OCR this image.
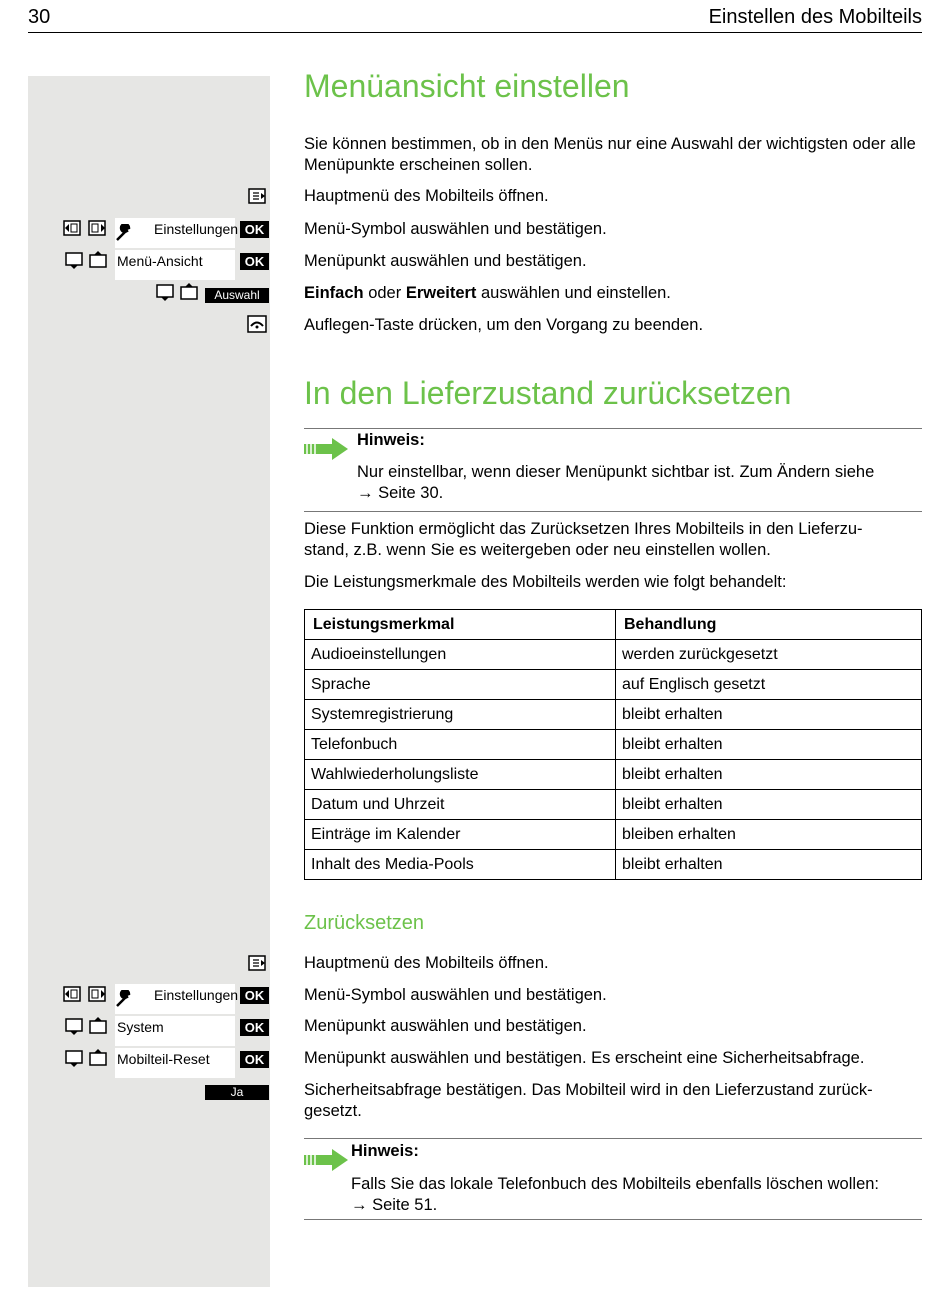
30	Einstellen des Mobilteils
Menüansicht einstellen
Sie können bestimmen, ob in den Menüs nur eine Auswahl der wichtigsten oder alle Menüpunkte erscheinen sollen.
Hauptmenü des Mobilteils öffnen.
Einstellungen OK Menü-Symbol auswählen und bestätigen.
Menü-Ansicht	OK Menüpunkt auswählen und bestätigen.
Auswahl	Einfach oder Erweitert auswählen und einstellen.
Auflegen-Taste drücken, um den Vorgang zu beenden.
In den Lieferzustand zurücksetzen
Hinweis:
Nur einstellbar, wenn dieser Menüpunkt sichtbar ist. Zum Ändern siehe
→ Seite 30.
Diese Funktion ermöglicht das Zurücksetzen Ihres Mobilteils in den Lieferzu-
stand, z.B. wenn Sie es weitergeben oder neu einstellen wollen.
Die Leistungsmerkmale des Mobilteils werden wie folgt behandelt:
Leistungsmerkmal	Behandlung
Audioeinstellungen	werden zurückgesetzt
Sprache	auf Englisch gesetzt
Systemregistrierung	bleibt erhalten
Telefonbuch	bleibt erhalten
Wahlwiederholungsliste	bleibt erhalten
Datum und Uhrzeit	bleibt erhalten
Einträge im Kalender	bleiben erhalten
Inhalt des Media-Pools	bleibt erhalten
Zurücksetzen
Hauptmenü des Mobilteils öffnen.
Einstellungen OK Menü-Symbol auswählen und bestätigen.
System	OK Menüpunkt auswählen und bestätigen.
Mobilteil-Reset	OK Menüpunkt auswählen und bestätigen. Es erscheint eine Sicherheitsabfrage.
Ja	Sicherheitsabfrage bestätigen. Das Mobilteil wird in den Lieferzustand zurück-
gesetzt.
Hinweis:
Falls Sie das lokale Telefonbuch des Mobilteils ebenfalls löschen wollen:
→ Seite 51.
